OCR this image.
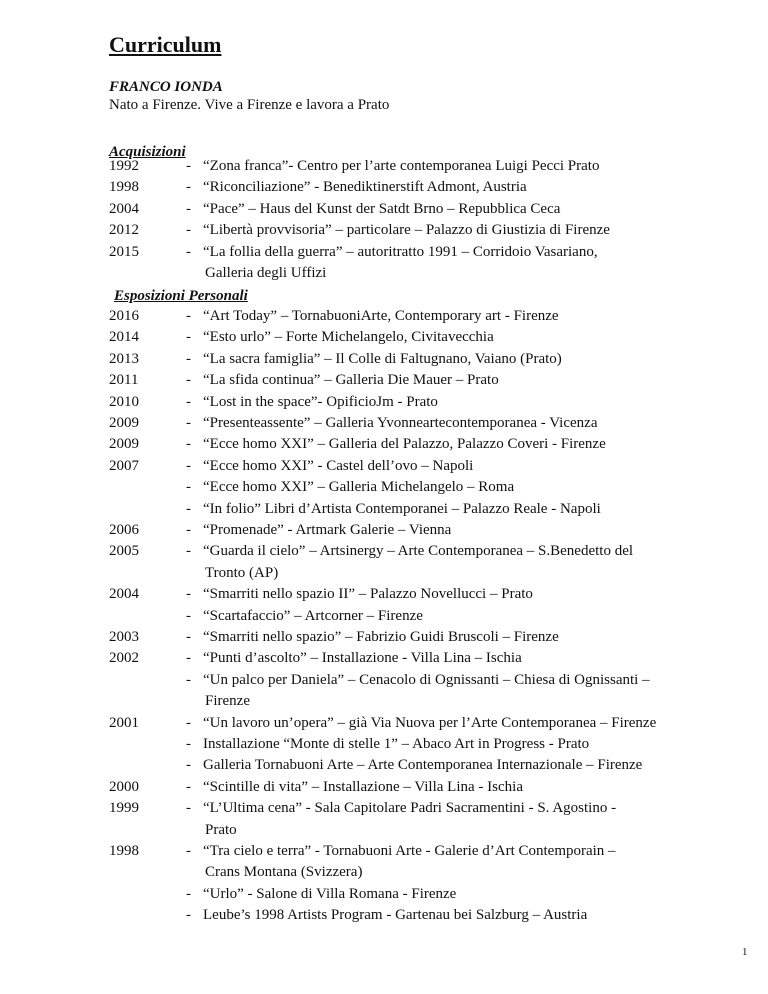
Curriculum
FRANCO IONDA
Nato a Firenze. Vive a Firenze e lavora a Prato
Acquisizioni
1992	- “Zona franca”- Centro per l’arte contemporanea Luigi Pecci Prato
1998	- “Riconciliazione” - Benediktinerstift Admont, Austria
2004	- “Pace” – Haus del Kunst der Satdt Brno – Repubblica Ceca
2012	- “Libertà provvisoria” – particolare – Palazzo di Giustizia di Firenze
2015	- “La follia della guerra” – autoritratto 1991 – Corridoio Vasariano,
Galleria degli Uffizi
Esposizioni Personali
2016	- “Art Today” – TornabuoniArte, Contemporary art - Firenze
2014	- “Esto urlo” – Forte Michelangelo, Civitavecchia
2013	- “La sacra famiglia” – Il Colle di Faltugnano, Vaiano (Prato)
2011	- “La sfida continua” – Galleria Die Mauer – Prato
2010	- “Lost in the space”- OpificioJm - Prato
2009	- “Presenteassente” – Galleria Yvonneartecontemporanea - Vicenza
2009	- “Ecce homo XXI” – Galleria del Palazzo, Palazzo Coveri - Firenze
2007	- “Ecce homo XXI” - Castel dell’ovo – Napoli
- “Ecce homo XXI” – Galleria Michelangelo – Roma
- “In folio” Libri d’Artista Contemporanei – Palazzo Reale - Napoli
2006	- “Promenade” - Artmark Galerie – Vienna
2005	- “Guarda il cielo” – Artsinergy – Arte Contemporanea – S.Benedetto del
Tronto (AP)
2004	- “Smarriti nello spazio II” – Palazzo Novellucci – Prato
- “Scartafaccio” – Artcorner – Firenze
2003	- “Smarriti nello spazio” – Fabrizio Guidi Bruscoli – Firenze
2002	- “Punti d’ascolto” – Installazione - Villa Lina – Ischia
- “Un palco per Daniela” – Cenacolo di Ognissanti – Chiesa di Ognissanti –
Firenze
2001	- “Un lavoro un’opera” – già Via Nuova per l’Arte Contemporanea – Firenze
- Installazione “Monte di stelle 1” – Abaco Art in Progress - Prato
- Galleria Tornabuoni Arte – Arte Contemporanea Internazionale – Firenze
2000	- “Scintille di vita” – Installazione – Villa Lina - Ischia
1999	- “L’Ultima cena” - Sala Capitolare Padri Sacramentini - S. Agostino -
Prato
1998	- “Tra cielo e terra” - Tornabuoni Arte - Galerie d’Art Contemporain –
Crans Montana (Svizzera)
- “Urlo” - Salone di Villa Romana - Firenze
- Leube’s 1998 Artists Program - Gartenau bei Salzburg – Austria
1
